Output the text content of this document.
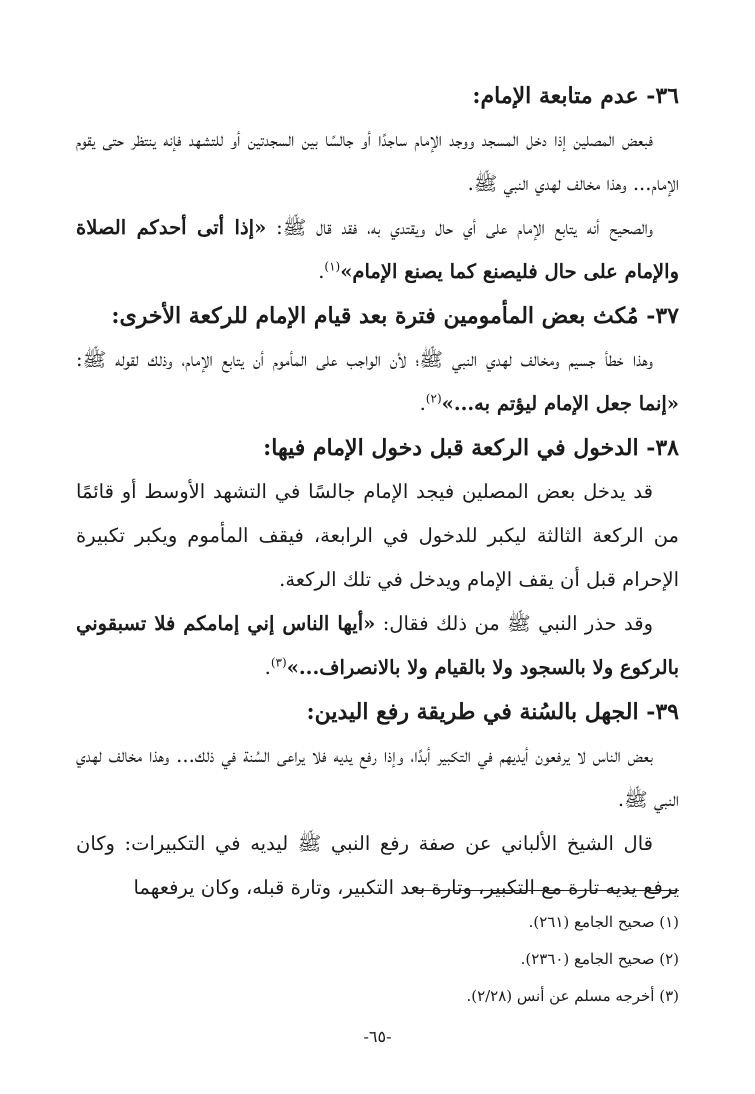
٣٦- عدم متابعة الإمام:

فبعض المصلين إذا دخل المسجد ووجد الإمام ساجدًا أو جالسًا بين السجدتين أو للتشهد فإنه ينتظر حتى يقوم الإمام... وهذا مخالف لهدي النبي ﷺ.

والصحيح أنه يتابع الإمام على أي حال ويقتدي به، فقد قال ﷺ: «إذا أتى أحدكم الصلاة والإمام على حال فليصنع كما يصنع الإمام»$^{(١)}$.

٣٧- مُكث بعض المأمومين فترة بعد قيام الإمام للركعة الأخرى:

وهذا خطأ جسيم ومخالف لهدي النبي ﷺ؛ لأن الواجب على المأموم أن يتابع الإمام، وذلك لقوله ﷺ: «إنما جعل الإمام ليؤتم به...»$^{(٢)}$.

٣٨- الدخول في الركعة قبل دخول الإمام فيها:

قد يدخل بعض المصلين فيجد الإمام جالسًا في التشهد الأوسط أو قائمًا من الركعة الثالثة ليكبر للدخول في الرابعة، فيقف المأموم ويكبر تكبيرة الإحرام قبل أن يقف الإمام ويدخل في تلك الركعة.

وقد حذر النبي ﷺ من ذلك فقال: «أيها الناس إني إمامكم فلا تسبقوني بالركوع ولا بالسجود ولا بالقيام ولا بالانصراف...»$^{(٣)}$.

٣٩- الجهل بالسُنة في طريقة رفع اليدين:

بعض الناس لا يرفعون أيديهم في التكبير أبدًا، وإذا رفع يديه فلا يراعى السُنة في ذلك... وهذا مخالف لهدي النبي ﷺ.

قال الشيخ الألباني عن صفة رفع النبي ﷺ ليديه في التكبيرات: وكان يرفع يديه تارة مع التكبير، وتارة بعد التكبير، وتارة قبله، وكان يرفعهما

(١) صحيح الجامع (٢٦١).
(٢) صحيح الجامع (٢٣٦٠).
(٣) أخرجه مسلم عن أنس (٢/٢٨).
-٦٥-
